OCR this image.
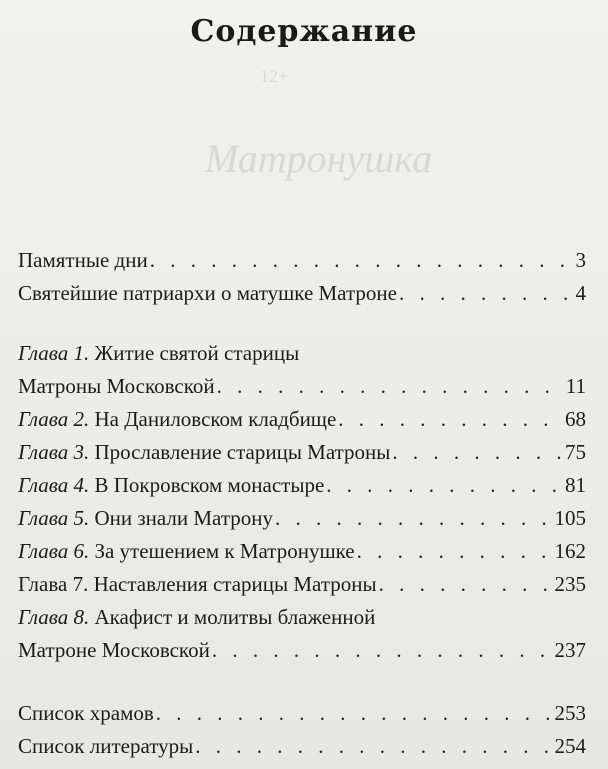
12+
Матронушка
Содержание
Памятные дни . . .	3
Святейшие патриархи о матушке Матроне . . .	4
Глава 1. Житие святой старицы
Матроны Московской . . .	11
Глава 2. На Даниловском кладбище . . .	68
Глава 3. Прославление старицы Матроны . . .	75
Глава 4. В Покровском монастыре . . .	81
Глава 5. Они знали Матрону . . .	105
Глава 6. За утешением к Матронушке . . .	162
Глава 7. Наставления старицы Матроны . . .	235
Глава 8. Акафист и молитвы блаженной
Матроне Московской . . .	237
Список храмов . . .	253
Список литературы . . .	254
